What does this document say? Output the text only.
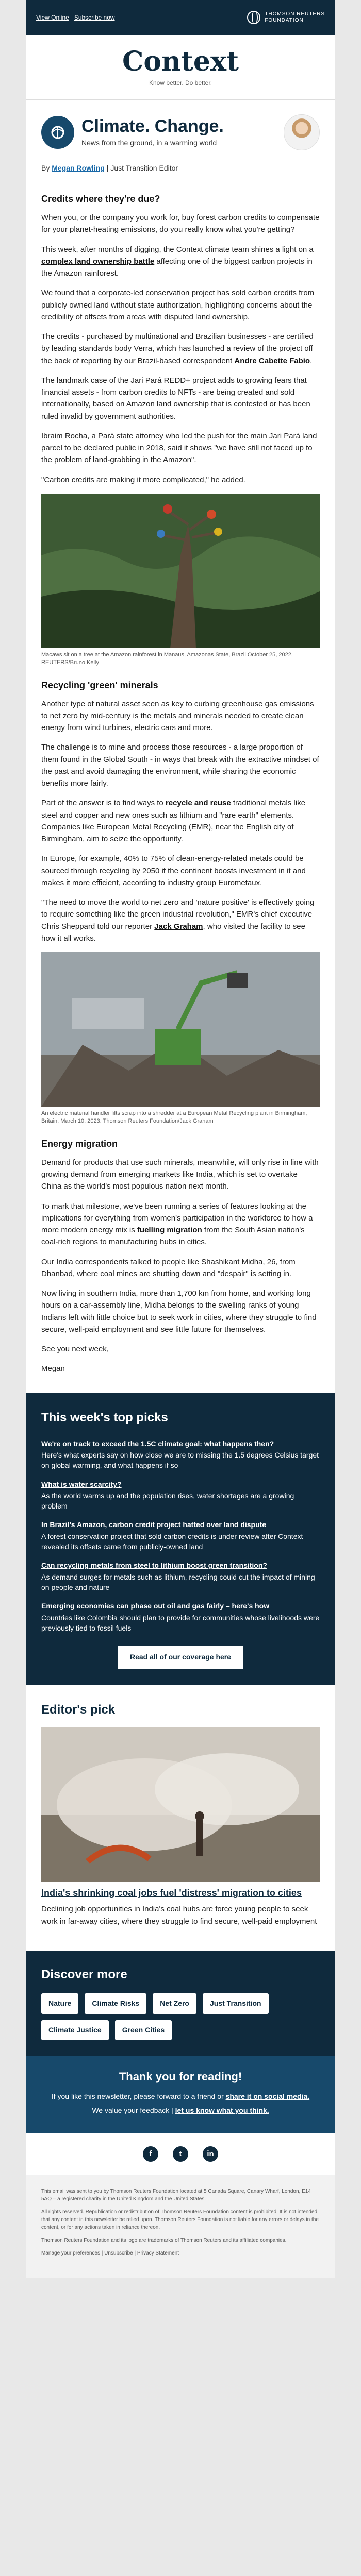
View Online Subscribe now	THOMSON REUTERS
FOUNDATION
Context
Know better. Do better.
Climate. Change.
News from the ground, in a warming world
By Megan Rowling | Just Transition Editor
Credits where they're due?

When you, or the company you work for, buy forest carbon credits to compensate for your planet-heating emissions, do you really know what you're getting?

This week, after months of digging, the Context climate team shines a light on a complex land ownership battle affecting one of the biggest carbon projects in the Amazon rainforest.

We found that a corporate-led conservation project has sold carbon credits from publicly owned land without state authorization, highlighting concerns about the credibility of offsets from areas with disputed land ownership.

The credits - purchased by multinational and Brazilian businesses - are certified by leading standards body Verra, which has launched a review of the project off the back of reporting by our Brazil-based correspondent Andre Cabette Fabio.

The landmark case of the Jari Pará REDD+ project adds to growing fears that financial assets - from carbon credits to NFTs - are being created and sold internationally, based on Amazon land ownership that is contested or has been ruled invalid by government authorities.

Ibraim Rocha, a Pará state attorney who led the push for the main Jari Pará land parcel to be declared public in 2018, said it shows "we have still not faced up to the problem of land-grabbing in the Amazon".

"Carbon credits are making it more complicated," he added.

Macaws sit on a tree at the Amazon rainforest in Manaus, Amazonas State, Brazil October 25, 2022. REUTERS/Bruno Kelly
Recycling 'green' minerals

Another type of natural asset seen as key to curbing greenhouse gas emissions to net zero by mid-century is the metals and minerals needed to create clean energy from wind turbines, electric cars and more.

The challenge is to mine and process those resources - a large proportion of them found in the Global South - in ways that break with the extractive mindset of the past and avoid damaging the environment, while sharing the economic benefits more fairly.

Part of the answer is to find ways to recycle and reuse traditional metals like steel and copper and new ones such as lithium and "rare earth" elements. Companies like European Metal Recycling (EMR), near the English city of Birmingham, aim to seize the opportunity.

In Europe, for example, 40% to 75% of clean-energy-related metals could be sourced through recycling by 2050 if the continent boosts investment in it and makes it more efficient, according to industry group Eurometaux.

"The need to move the world to net zero and 'nature positive' is effectively going to require something like the green industrial revolution," EMR's chief executive Chris Sheppard told our reporter Jack Graham, who visited the facility to see how it all works.

An electric material handler lifts scrap into a shredder at a European Metal Recycling plant in Birmingham, Britain, March 10, 2023. Thomson Reuters Foundation/Jack Graham
Energy migration

Demand for products that use such minerals, meanwhile, will only rise in line with growing demand from emerging markets like India, which is set to overtake China as the world's most populous nation next month.

To mark that milestone, we've been running a series of features looking at the implications for everything from women's participation in the workforce to how a more modern energy mix is fuelling migration from the South Asian nation's coal-rich regions to manufacturing hubs in cities.

Our India correspondents talked to people like Shashikant Midha, 26, from Dhanbad, where coal mines are shutting down and "despair" is setting in.

Now living in southern India, more than 1,700 km from home, and working long hours on a car-assembly line, Midha belongs to the swelling ranks of young Indians left with little choice but to seek work in cities, where they struggle to find secure, well-paid employment and see little future for themselves.

See you next week,

Megan

This week's top picks
We're on track to exceed the 1.5C climate goal: what happens then?
Here's what experts say on how close we are to missing the 1.5 degrees Celsius target on global warming, and what happens if so
What is water scarcity?
As the world warms up and the population rises, water shortages are a growing problem
In Brazil's Amazon, carbon credit project hatted over land dispute
A forest conservation project that sold carbon credits is under review after Context revealed its offsets came from publicly-owned land
Can recycling metals from steel to lithium boost green transition?
As demand surges for metals such as lithium, recycling could cut the impact of mining on people and nature
Emerging economies can phase out oil and gas fairly – here's how
Countries like Colombia should plan to provide for communities whose livelihoods were previously tied to fossil fuels
Read all of our coverage here
Editor's pick
India's shrinking coal jobs fuel 'distress' migration to cities

Declining job opportunities in India's coal hubs are force young people to seek work in far-away cities, where they struggle to find secure, well-paid employment

Discover more
Nature	Climate Risks	Net Zero	Just Transition
Climate Justice	Green Cities
Thank you for reading!

If you like this newsletter, please forward to a friend or share it on social media.

We value your feedback | let us know what you think.

f	t	in

This email was sent to you by Thomson Reuters Foundation located at 5 Canada Square, Canary Wharf, London, E14 5AQ – a registered charity in the United Kingdom and the United States.

All rights reserved. Republication or redistribution of Thomson Reuters Foundation content is prohibited. It is not intended that any content in this newsletter be relied upon. Thomson Reuters Foundation is not liable for any errors or delays in the content, or for any actions taken in reliance thereon.

Thomson Reuters Foundation and its logo are trademarks of Thomson Reuters and its affiliated companies.

Manage your preferences | Unsubscribe | Privacy Statement
